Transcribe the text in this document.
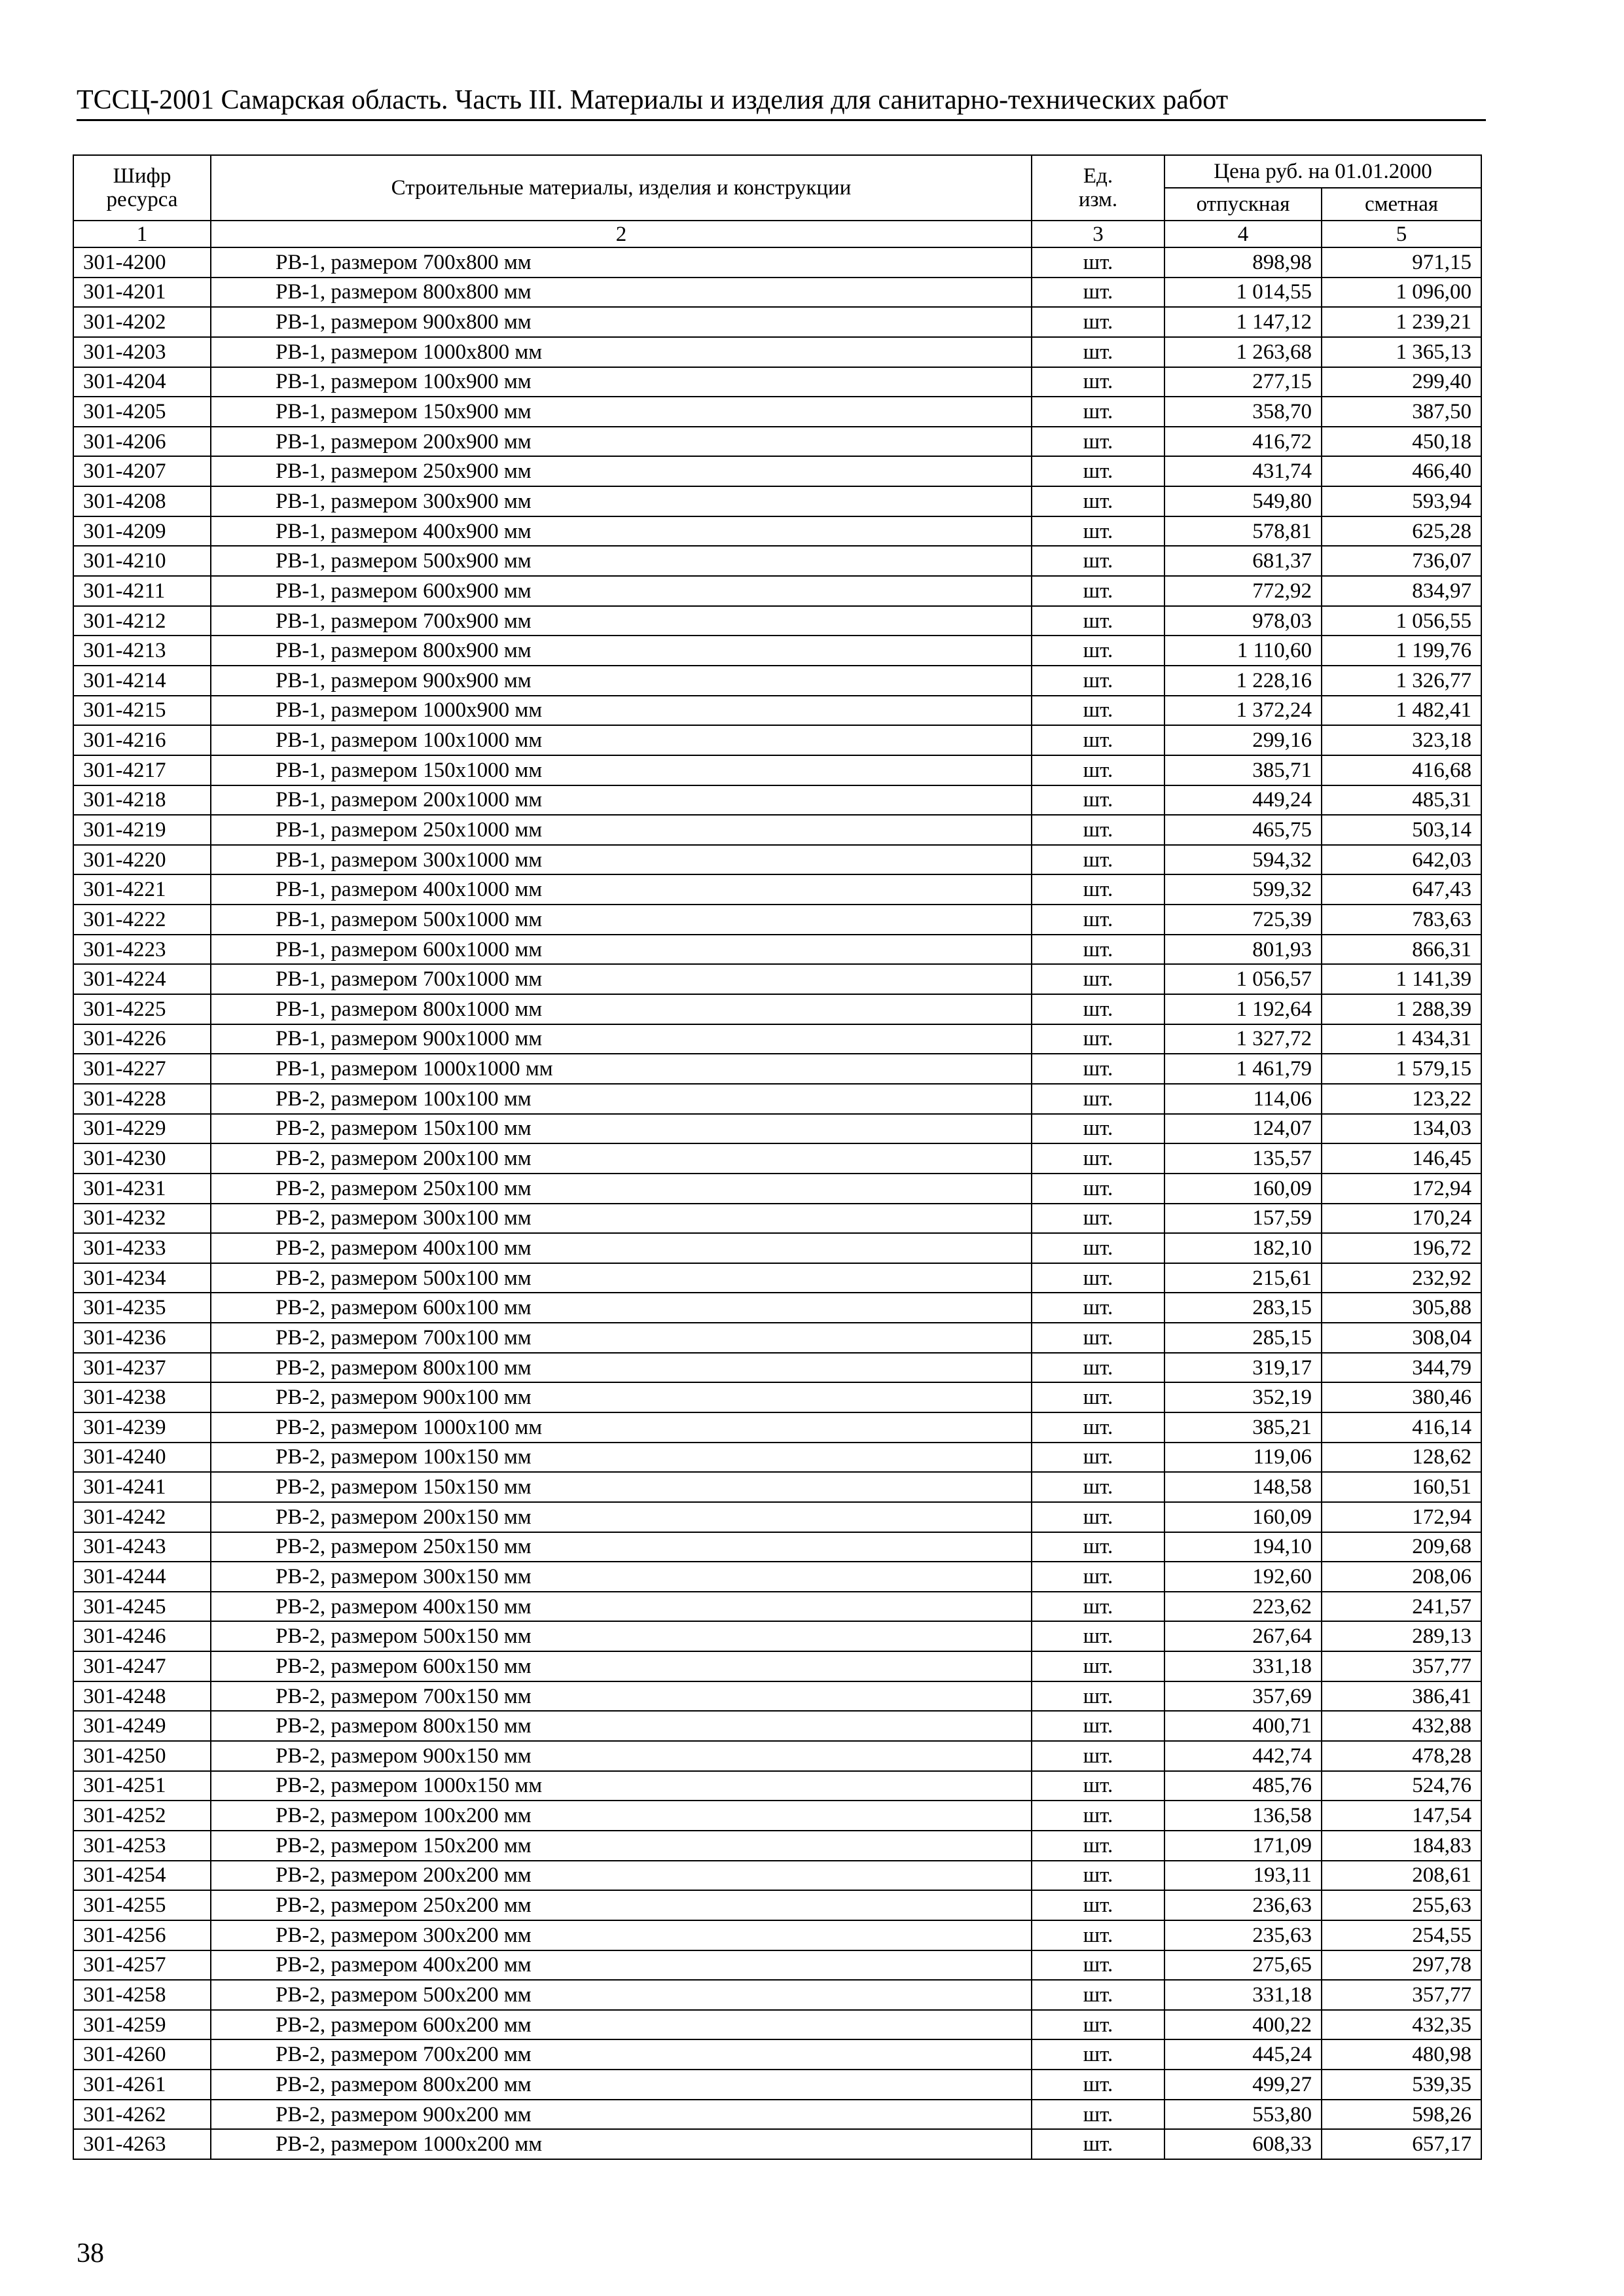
ТССЦ-2001 Самарская область. Часть III. Материалы и изделия для санитарно-технических работ
Шифр ресурса	Строительные материалы, изделия и конструкции	Ед. изм.	Цена руб. на 01.01.2000	
			отпускная	сметная
1	2	3	4	5
301-4200	РВ-1, размером 700х800 мм	шт.	898,98	971,15
301-4201	РВ-1, размером 800х800 мм	шт.	1 014,55	1 096,00
301-4202	РВ-1, размером 900х800 мм	шт.	1 147,12	1 239,21
301-4203	РВ-1, размером 1000х800 мм	шт.	1 263,68	1 365,13
301-4204	РВ-1, размером 100х900 мм	шт.	277,15	299,40
301-4205	РВ-1, размером 150х900 мм	шт.	358,70	387,50
301-4206	РВ-1, размером 200х900 мм	шт.	416,72	450,18
301-4207	РВ-1, размером 250х900 мм	шт.	431,74	466,40
301-4208	РВ-1, размером 300х900 мм	шт.	549,80	593,94
301-4209	РВ-1, размером 400х900 мм	шт.	578,81	625,28
301-4210	РВ-1, размером 500х900 мм	шт.	681,37	736,07
301-4211	РВ-1, размером 600х900 мм	шт.	772,92	834,97
301-4212	РВ-1, размером 700х900 мм	шт.	978,03	1 056,55
301-4213	РВ-1, размером 800х900 мм	шт.	1 110,60	1 199,76
301-4214	РВ-1, размером 900х900 мм	шт.	1 228,16	1 326,77
301-4215	РВ-1, размером 1000х900 мм	шт.	1 372,24	1 482,41
301-4216	РВ-1, размером 100х1000 мм	шт.	299,16	323,18
301-4217	РВ-1, размером 150х1000 мм	шт.	385,71	416,68
301-4218	РВ-1, размером 200х1000 мм	шт.	449,24	485,31
301-4219	РВ-1, размером 250х1000 мм	шт.	465,75	503,14
301-4220	РВ-1, размером 300х1000 мм	шт.	594,32	642,03
301-4221	РВ-1, размером 400х1000 мм	шт.	599,32	647,43
301-4222	РВ-1, размером 500х1000 мм	шт.	725,39	783,63
301-4223	РВ-1, размером 600х1000 мм	шт.	801,93	866,31
301-4224	РВ-1, размером 700х1000 мм	шт.	1 056,57	1 141,39
301-4225	РВ-1, размером 800х1000 мм	шт.	1 192,64	1 288,39
301-4226	РВ-1, размером 900х1000 мм	шт.	1 327,72	1 434,31
301-4227	РВ-1, размером 1000х1000 мм	шт.	1 461,79	1 579,15
301-4228	РВ-2, размером 100х100 мм	шт.	114,06	123,22
301-4229	РВ-2, размером 150х100 мм	шт.	124,07	134,03
301-4230	РВ-2, размером 200х100 мм	шт.	135,57	146,45
301-4231	РВ-2, размером 250х100 мм	шт.	160,09	172,94
301-4232	РВ-2, размером 300х100 мм	шт.	157,59	170,24
301-4233	РВ-2, размером 400х100 мм	шт.	182,10	196,72
301-4234	РВ-2, размером 500х100 мм	шт.	215,61	232,92
301-4235	РВ-2, размером 600х100 мм	шт.	283,15	305,88
301-4236	РВ-2, размером 700х100 мм	шт.	285,15	308,04
301-4237	РВ-2, размером 800х100 мм	шт.	319,17	344,79
301-4238	РВ-2, размером 900х100 мм	шт.	352,19	380,46
301-4239	РВ-2, размером 1000х100 мм	шт.	385,21	416,14
301-4240	РВ-2, размером 100х150 мм	шт.	119,06	128,62
301-4241	РВ-2, размером 150х150 мм	шт.	148,58	160,51
301-4242	РВ-2, размером 200х150 мм	шт.	160,09	172,94
301-4243	РВ-2, размером 250х150 мм	шт.	194,10	209,68
301-4244	РВ-2, размером 300х150 мм	шт.	192,60	208,06
301-4245	РВ-2, размером 400х150 мм	шт.	223,62	241,57
301-4246	РВ-2, размером 500х150 мм	шт.	267,64	289,13
301-4247	РВ-2, размером 600х150 мм	шт.	331,18	357,77
301-4248	РВ-2, размером 700х150 мм	шт.	357,69	386,41
301-4249	РВ-2, размером 800х150 мм	шт.	400,71	432,88
301-4250	РВ-2, размером 900х150 мм	шт.	442,74	478,28
301-4251	РВ-2, размером 1000х150 мм	шт.	485,76	524,76
301-4252	РВ-2, размером 100х200 мм	шт.	136,58	147,54
301-4253	РВ-2, размером 150х200 мм	шт.	171,09	184,83
301-4254	РВ-2, размером 200х200 мм	шт.	193,11	208,61
301-4255	РВ-2, размером 250х200 мм	шт.	236,63	255,63
301-4256	РВ-2, размером 300х200 мм	шт.	235,63	254,55
301-4257	РВ-2, размером 400х200 мм	шт.	275,65	297,78
301-4258	РВ-2, размером 500х200 мм	шт.	331,18	357,77
301-4259	РВ-2, размером 600х200 мм	шт.	400,22	432,35
301-4260	РВ-2, размером 700х200 мм	шт.	445,24	480,98
301-4261	РВ-2, размером 800х200 мм	шт.	499,27	539,35
301-4262	РВ-2, размером 900х200 мм	шт.	553,80	598,26
301-4263	РВ-2, размером 1000х200 мм	шт.	608,33	657,17
38
